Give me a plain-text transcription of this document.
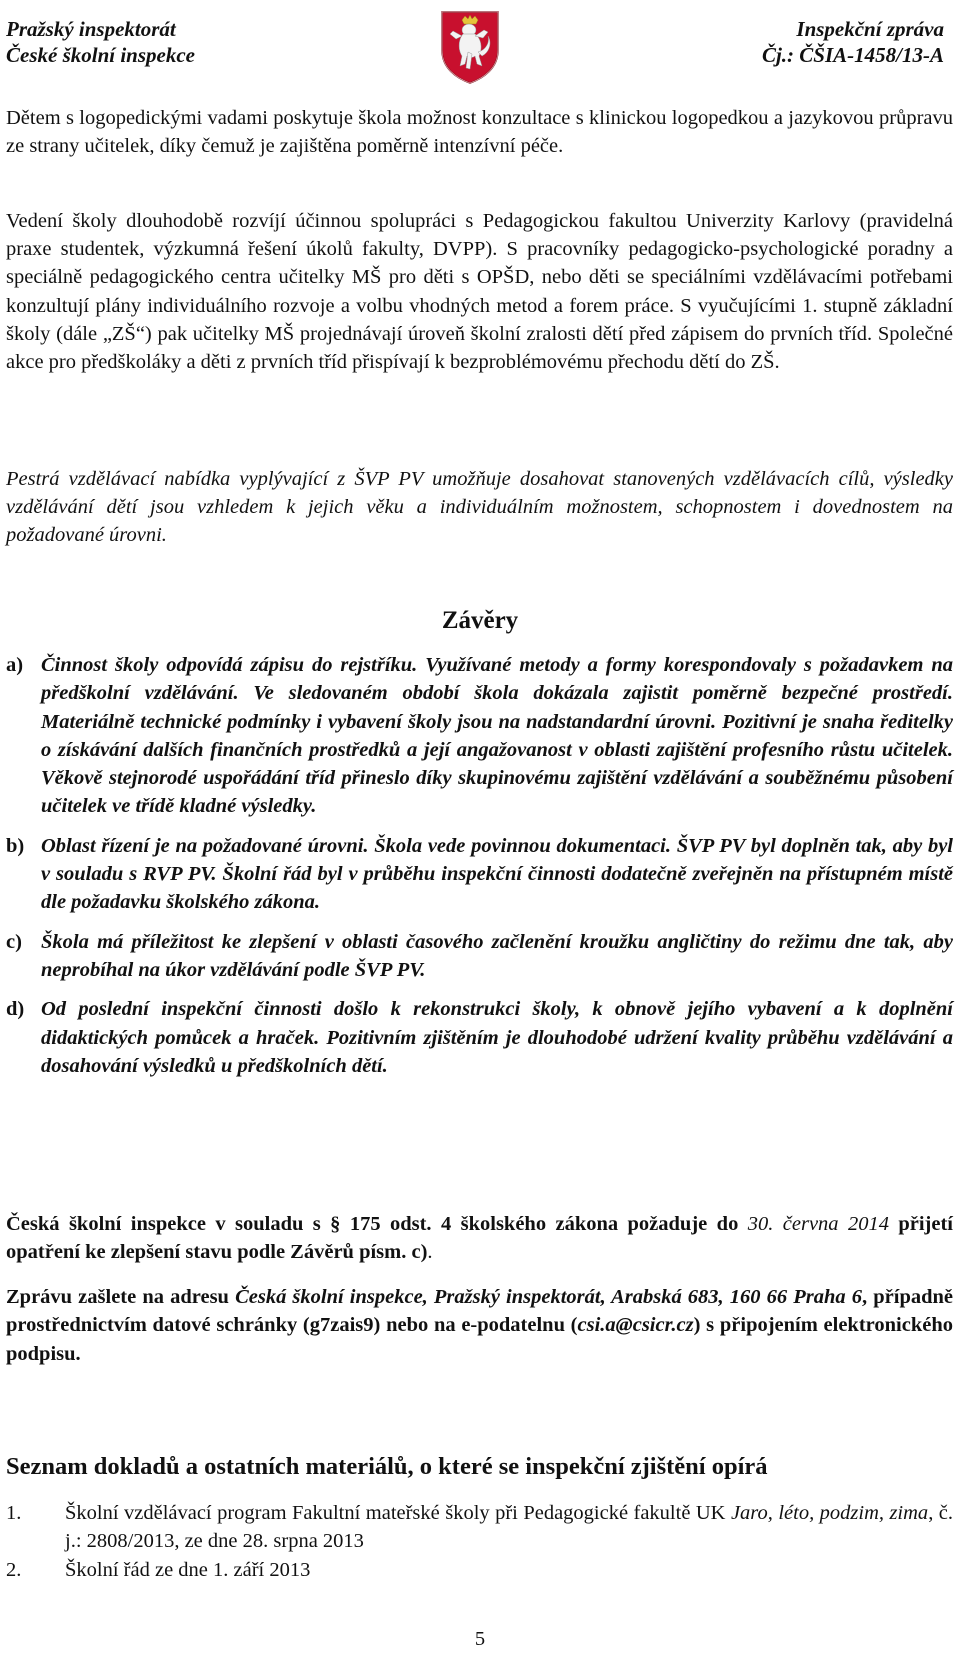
Pražský inspektorát
České školní inspekce
Inspekční zpráva
Čj.: ČŠIA-1458/13-A

Dětem s logopedickými vadami poskytuje škola možnost konzultace s klinickou logopedkou a jazykovou průpravu ze strany učitelek, díky čemuž je zajištěna poměrně intenzívní péče.

Vedení školy dlouhodobě rozvíjí účinnou spolupráci s Pedagogickou fakultou Univerzity Karlovy (pravidelná praxe studentek, výzkumná řešení úkolů fakulty, DVPP). S pracovníky pedagogicko-psychologické poradny a speciálně pedagogického centra učitelky MŠ pro děti s OPŠD, nebo děti se speciálními vzdělávacími potřebami konzultují plány individuálního rozvoje a volbu vhodných metod a forem práce. S vyučujícími 1. stupně základní školy (dále „ZŠ“) pak učitelky MŠ projednávají úroveň školní zralosti dětí před zápisem do prvních tříd. Společné akce pro předškoláky a děti z prvních tříd přispívají k bezproblémovému přechodu dětí do ZŠ.

Pestrá vzdělávací nabídka vyplývající z ŠVP PV umožňuje dosahovat stanovených vzdělávacích cílů, výsledky vzdělávání dětí jsou vzhledem k jejich věku a individuálním možnostem, schopnostem i dovednostem na požadované úrovni.

Závěry
a) Činnost školy odpovídá zápisu do rejstříku. Využívané metody a formy korespondovaly s požadavkem na předškolní vzdělávání. Ve sledovaném období škola dokázala zajistit poměrně bezpečné prostředí. Materiálně technické podmínky i vybavení školy jsou na nadstandardní úrovni. Pozitivní je snaha ředitelky o získávání dalších finančních prostředků a její angažovanost v oblasti zajištění profesního růstu učitelek. Věkově stejnorodé uspořádání tříd přineslo díky skupinovému zajištění vzdělávání a souběžnému působení učitelek ve třídě kladné výsledky.
b) Oblast řízení je na požadované úrovni. Škola vede povinnou dokumentaci. ŠVP PV byl doplněn tak, aby byl v souladu s RVP PV. Školní řád byl v průběhu inspekční činnosti dodatečně zveřejněn na přístupném místě dle požadavku školského zákona.
c) Škola má příležitost ke zlepšení v oblasti časového začlenění kroužku angličtiny do režimu dne tak, aby neprobíhal na úkor vzdělávání podle ŠVP PV.
d) Od poslední inspekční činnosti došlo k rekonstrukci školy, k obnově jejího vybavení a k doplnění didaktických pomůcek a hraček. Pozitivním zjištěním je dlouhodobé udržení kvality průběhu vzdělávání a dosahování výsledků u předškolních dětí.
Česká školní inspekce v souladu s § 175 odst. 4 školského zákona požaduje do 30. června 2014 přijetí opatření ke zlepšení stavu podle Závěrů písm. c).
Zprávu zašlete na adresu Česká školní inspekce, Pražský inspektorát, Arabská 683, 160 66 Praha 6, případně prostřednictvím datové schránky (g7zais9) nebo na e-podatelnu (csi.a@csicr.cz) s připojením elektronického podpisu.
Seznam dokladů a ostatních materiálů, o které se inspekční zjištění opírá
1. Školní vzdělávací program Fakultní mateřské školy při Pedagogické fakultě UK Jaro, léto, podzim, zima, č. j.: 2808/2013, ze dne 28. srpna 2013
2. Školní řád ze dne 1. září 2013
5
